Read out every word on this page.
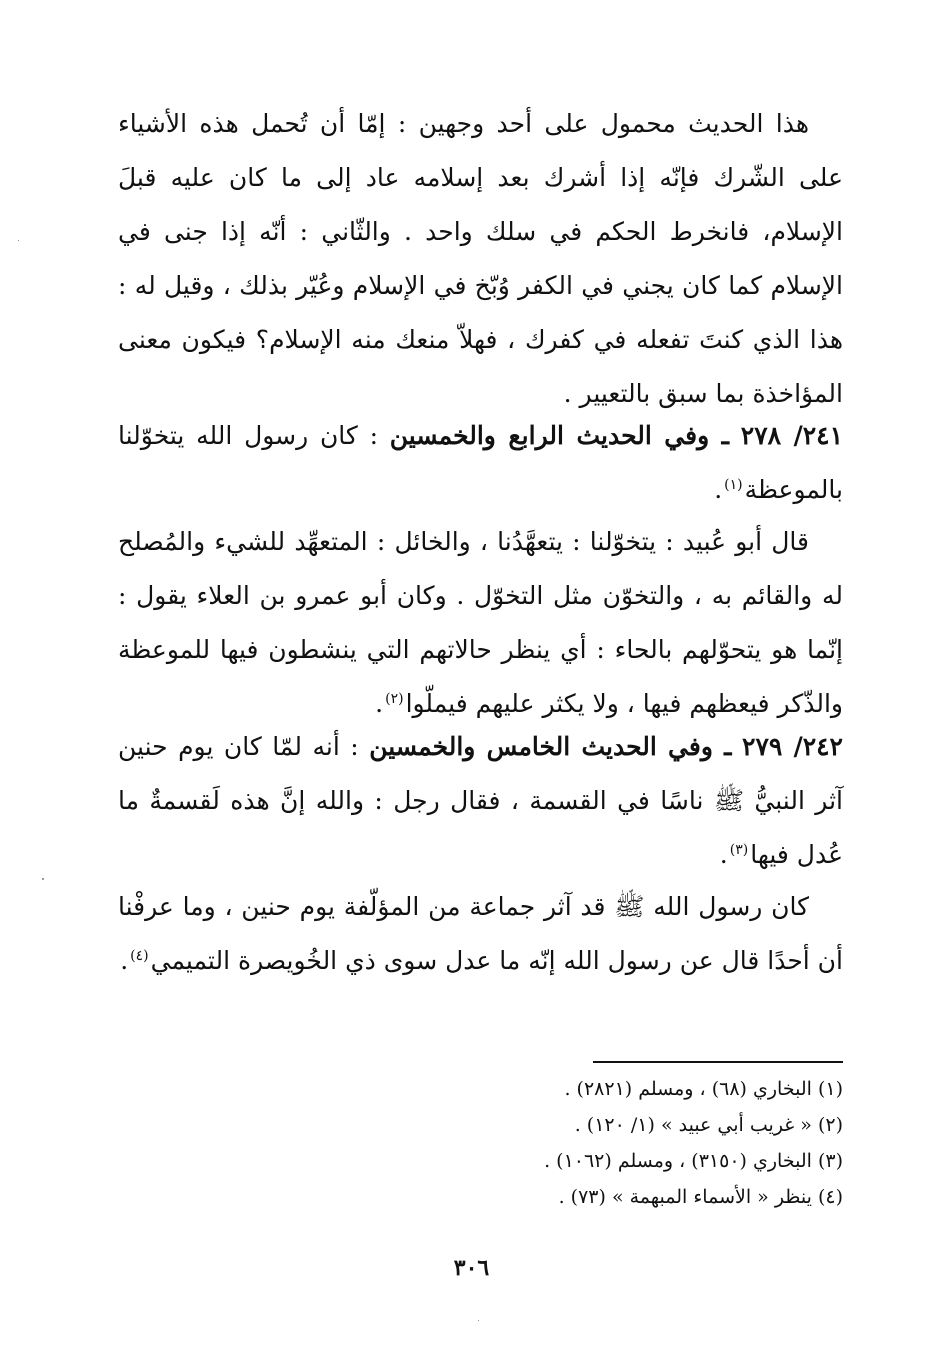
هذا الحديث محمول على أحد وجهين : إمّا أن تُحمل هذه الأشياء على الشّرك فإنّه إذا أشرك بعد إسلامه عاد إلى ما كان عليه قبلَ الإسلام، فانخرط الحكم في سلك واحد . والثّاني : أنّه إذا جنى في الإسلام كما كان يجني في الكفر وُبّخ في الإسلام وعُيّر بذلك ، وقيل له : هذا الذي كنتَ تفعله في كفرك ، فهلاّ منعك منه الإسلام؟ فيكون معنى المؤاخذة بما سبق بالتعيير .

٢٤١/ ٢٧٨ ـ وفي الحديث الرابع والخمسين : كان رسول الله يتخوّلنا بالموعظة$^{(١)}$.

قال أبو عُبيد : يتخوّلنا : يتعهَّدُنا ، والخائل : المتعهِّد للشيء والمُصلح له والقائم به ، والتخوّن مثل التخوّل . وكان أبو عمرو بن العلاء يقول : إنّما هو يتحوّلهم بالحاء : أي ينظر حالاتهم التي ينشطون فيها للموعظة والذّكر فيعظهم فيها ، ولا يكثر عليهم فيملّوا$^{(٢)}$.

٢٤٢/ ٢٧٩ ـ وفي الحديث الخامس والخمسين : أنه لمّا كان يوم حنين آثر النبيُّ ﷺ ناسًا في القسمة ، فقال رجل : والله إنَّ هذه لَقسمةٌ ما عُدل فيها$^{(٣)}$.

كان رسول الله ﷺ قد آثر جماعة من المؤلّفة يوم حنين ، وما عرفْنا أن أحدًا قال عن رسول الله إنّه ما عدل سوى ذي الخُويصرة التميمي$^{(٤)}$.

(١) البخاري (٦٨) ، ومسلم (٢٨٢١) .
(٢) « غريب أبي عبيد » (١/ ١٢٠) .
(٣) البخاري (٣١٥٠) ، ومسلم (١٠٦٢) .
(٤) ينظر « الأسماء المبهمة » (٧٣) .
٣٠٦
